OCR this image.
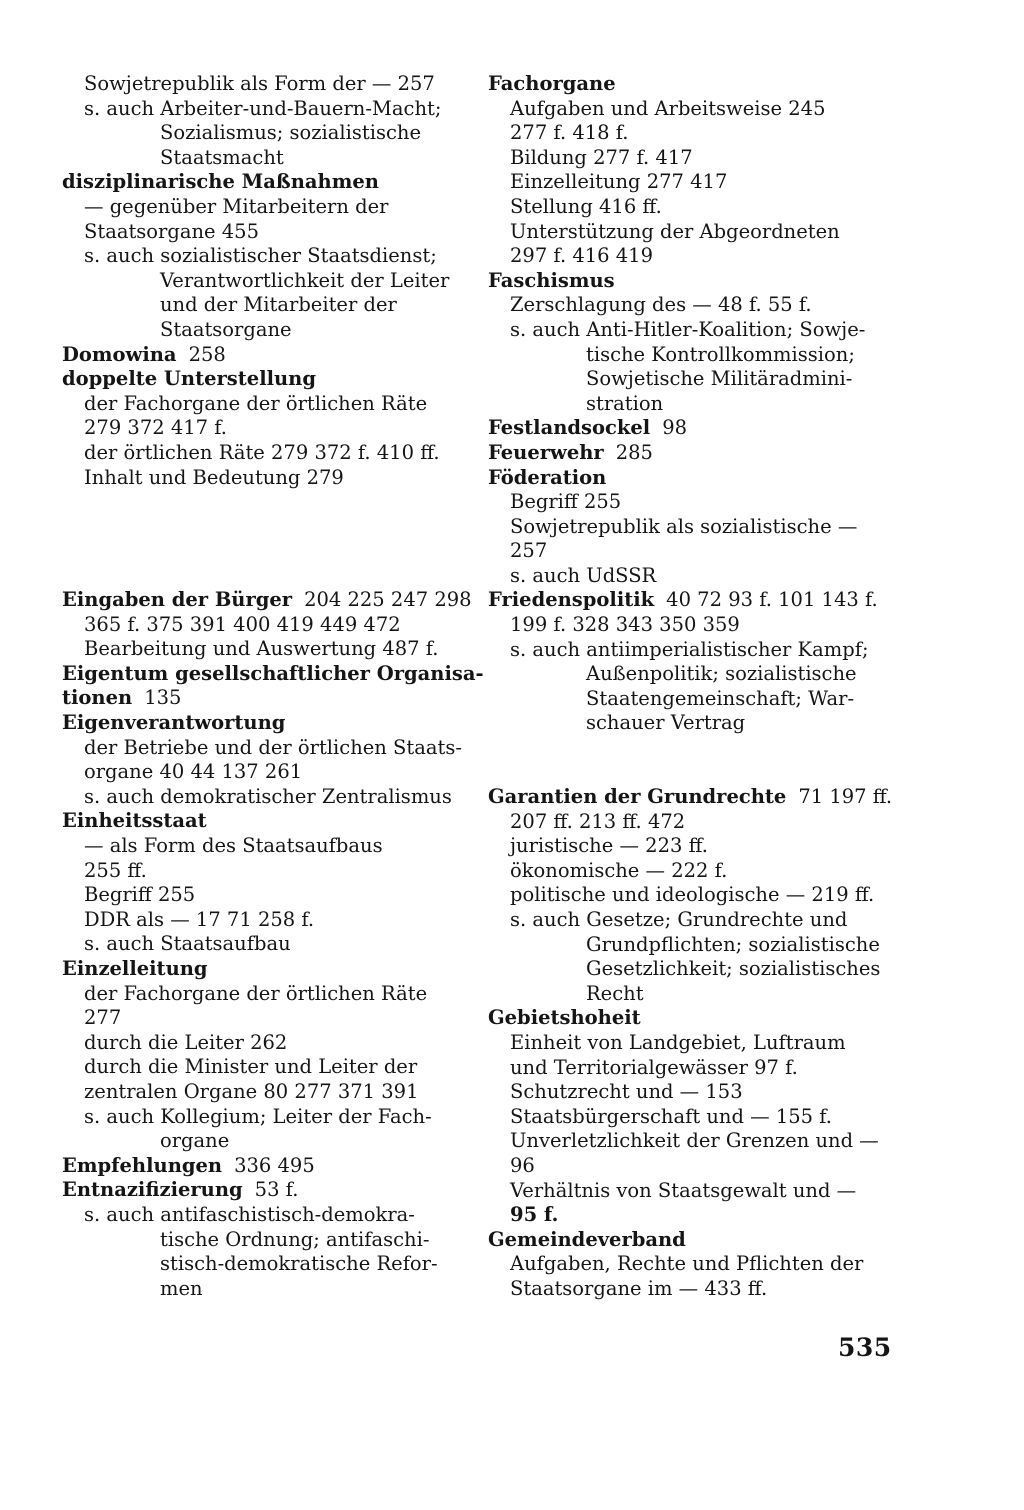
Sowjetrepublik als Form der — 257
s. auch Arbeiter-und-Bauern-Macht;
Sozialismus; sozialistische
Staatsmacht
disziplinarische Maßnahmen
— gegenüber Mitarbeitern der
Staatsorgane 455
s. auch sozialistischer Staatsdienst;
Verantwortlichkeit der Leiter
und der Mitarbeiter der
Staatsorgane
Domowina 258
doppelte Unterstellung
der Fachorgane der örtlichen Räte
279 372 417 f.
der örtlichen Räte 279 372 f. 410 ff.
Inhalt und Bedeutung 279
Eingaben der Bürger 204 225 247 298
365 f. 375 391 400 419 449 472
Bearbeitung und Auswertung 487 f.
Eigentum gesellschaftlicher Organisa-
tionen 135
Eigenverantwortung
der Betriebe und der örtlichen Staats-
organe 40 44 137 261
s. auch demokratischer Zentralismus
Einheitsstaat
— als Form des Staatsaufbaus
255 ff.
Begriff 255
DDR als — 17 71 258 f.
s. auch Staatsaufbau
Einzelleitung
der Fachorgane der örtlichen Räte
277
durch die Leiter 262
durch die Minister und Leiter der
zentralen Organe 80 277 371 391
s. auch Kollegium; Leiter der Fach-
organe
Empfehlungen 336 495
Entnazifizierung 53 f.
s. auch antifaschistisch-demokra-
tische Ordnung; antifaschi-
stisch-demokratische Refor-
men
Fachorgane
Aufgaben und Arbeitsweise 245
277 f. 418 f.
Bildung 277 f. 417
Einzelleitung 277 417
Stellung 416 ff.
Unterstützung der Abgeordneten
297 f. 416 419
Faschismus
Zerschlagung des — 48 f. 55 f.
s. auch Anti-Hitler-Koalition; Sowje-
tische Kontrollkommission;
Sowjetische Militäradmini-
stration
Festlandsockel 98
Feuerwehr 285
Föderation
Begriff 255
Sowjetrepublik als sozialistische —
257
s. auch UdSSR
Friedenspolitik 40 72 93 f. 101 143 f.
199 f. 328 343 350 359
s. auch antiimperialistischer Kampf;
Außenpolitik; sozialistische
Staatengemeinschaft; War-
schauer Vertrag
Garantien der Grundrechte 71 197 ff.
207 ff. 213 ff. 472
juristische — 223 ff.
ökonomische — 222 f.
politische und ideologische — 219 ff.
s. auch Gesetze; Grundrechte und
Grundpflichten; sozialistische
Gesetzlichkeit; sozialistisches
Recht
Gebietshoheit
Einheit von Landgebiet, Luftraum
und Territorialgewässer 97 f.
Schutzrecht und — 153
Staatsbürgerschaft und — 155 f.
Unverletzlichkeit der Grenzen und —
96
Verhältnis von Staatsgewalt und —
95 f.
Gemeindeverband
Aufgaben, Rechte und Pflichten der
Staatsorgane im — 433 ff.
535
